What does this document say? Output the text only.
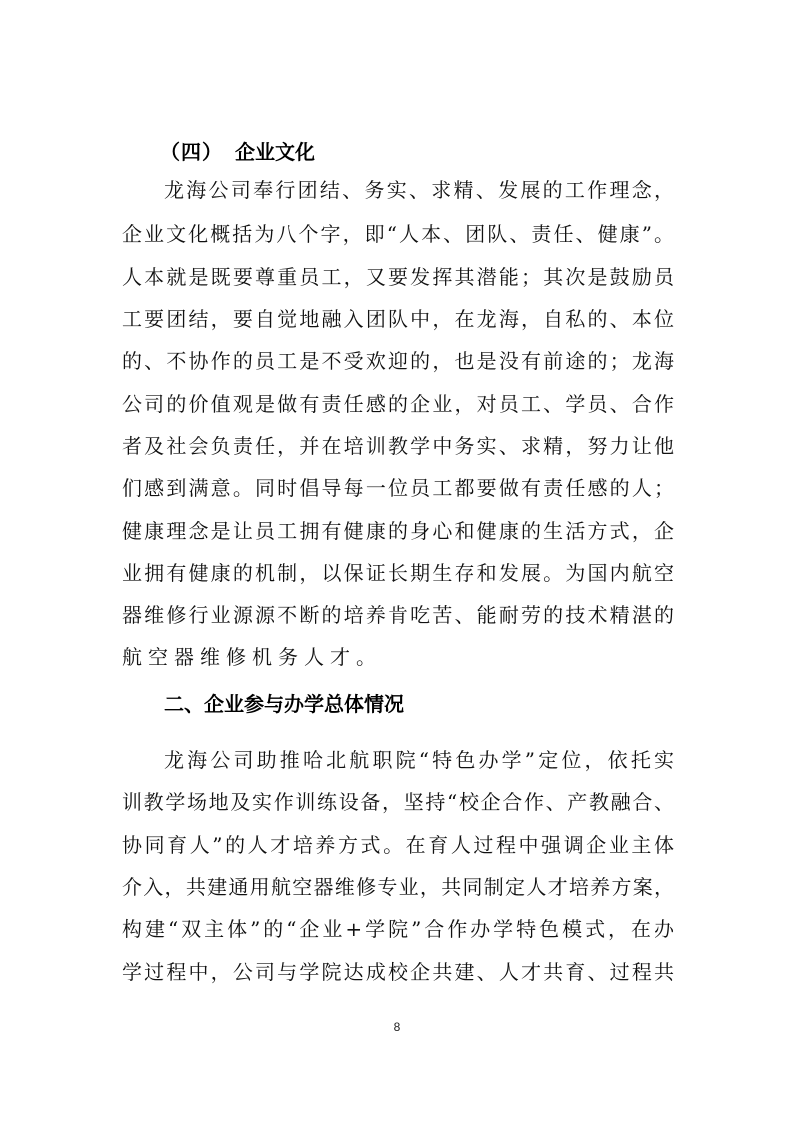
（四） 企业文化
龙海公司奉行团结、务实、求精、发展的工作理念，
企业文化概括为八个字，即“人本、团队、责任、健康”。
人本就是既要尊重员工，又要发挥其潜能；其次是鼓励员
工要团结，要自觉地融入团队中，在龙海，自私的、本位
的、不协作的员工是不受欢迎的，也是没有前途的；龙海
公司的价值观是做有责任感的企业，对员工、学员、合作
者及社会负责任，并在培训教学中务实、求精，努力让他
们感到满意。同时倡导每一位员工都要做有责任感的人；
健康理念是让员工拥有健康的身心和健康的生活方式，企
业拥有健康的机制，以保证长期生存和发展。为国内航空
器维修行业源源不断的培养肯吃苦、能耐劳的技术精湛的
航空器维修机务人才。
二、企业参与办学总体情况
龙海公司助推哈北航职院“特色办学”定位，依托实
训教学场地及实作训练设备，坚持“校企合作、产教融合、
协同育人”的人才培养方式。在育人过程中强调企业主体
介入，共建通用航空器维修专业，共同制定人才培养方案，
构建“双主体”的“企业+学院”合作办学特色模式，在办
学过程中，公司与学院达成校企共建、人才共育、过程共
8
